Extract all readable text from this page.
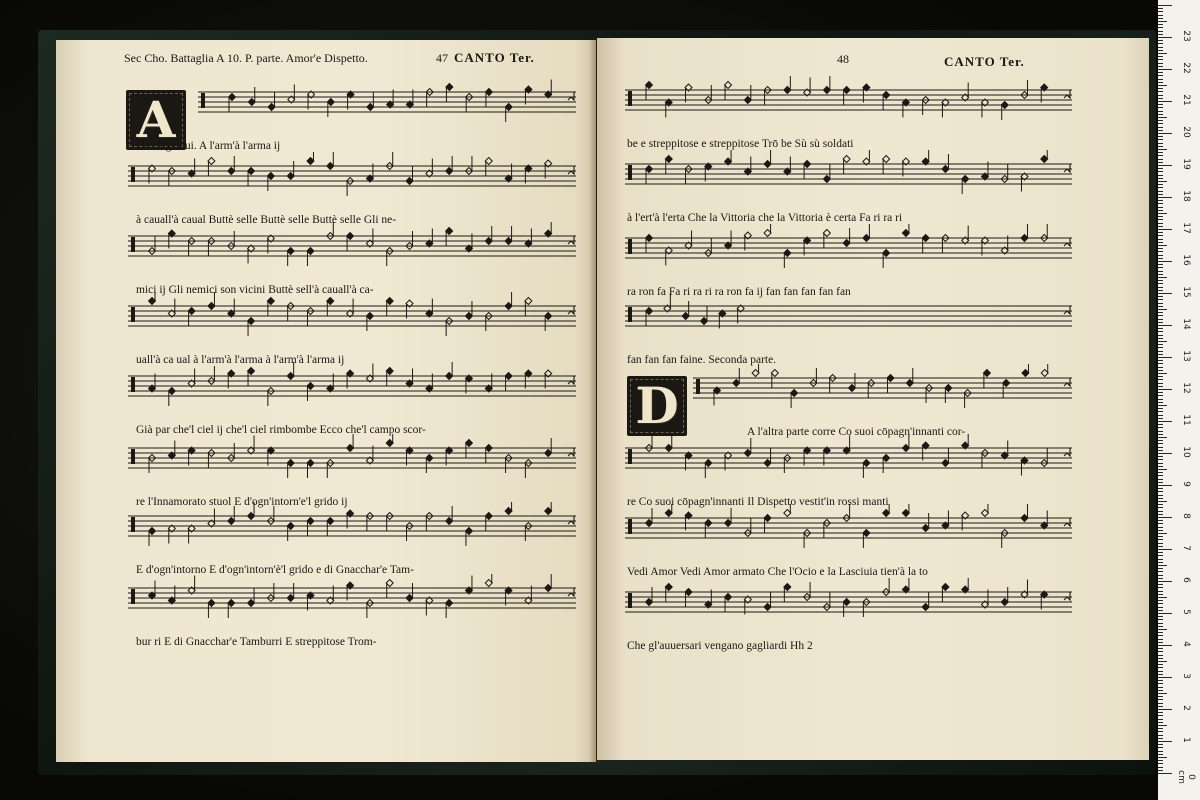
Sec Cho. Battaglia A 10. P. parte. Amor'e Dispetto.	47 CANTO Ter.
A
Ccingeteui. A l'arm'à l'arma ij
à cauall'à caual Buttè selle Buttè selle Buttè selle Gli ne-
mici ij Gli nemici son vicini Buttè sell'à cauall'à ca-
uall'à ca ual à l'arm'à l'arma à l'arm'à l'arma ij
Già par che'l ciel ij che'l ciel rimbombe Ecco che'l campo scor-
re l'Innamorato stuol E d'ogn'intorn'e'l grido ij
E d'ogn'intorno E d'ogn'intorn'è'l grido e di Gnacchar'e Tam-
bur ri E di Gnacchar'e Tamburri E streppitose Trom-
48	CANTO Ter.
D
be e streppitose e streppitose Trō be Sù sù soldati
à l'ert'à l'erta Che la Vittoria che la Vittoria è certa Fa ri ra ri
ra ron fa Fa ri ra ri ra ron fa ij fan fan fan fan fan
fan fan fan faine. Seconda parte.
A l'altra parte corre Co suoi cōpagn'innanti cor-
re Co suoi cōpagn'innanti Il Dispetto vestit'in rossi manti
Vedi Amor Vedi Amor armato Che l'Ocio e la Lasciuia tien'à la to
Che gl'auuersari vengano gagliardi Hh 2
0 cm
1
2
3
4
5
6
7
8
9
10
11
12
13
14
15
16
17
18
19
20
21
22
23
